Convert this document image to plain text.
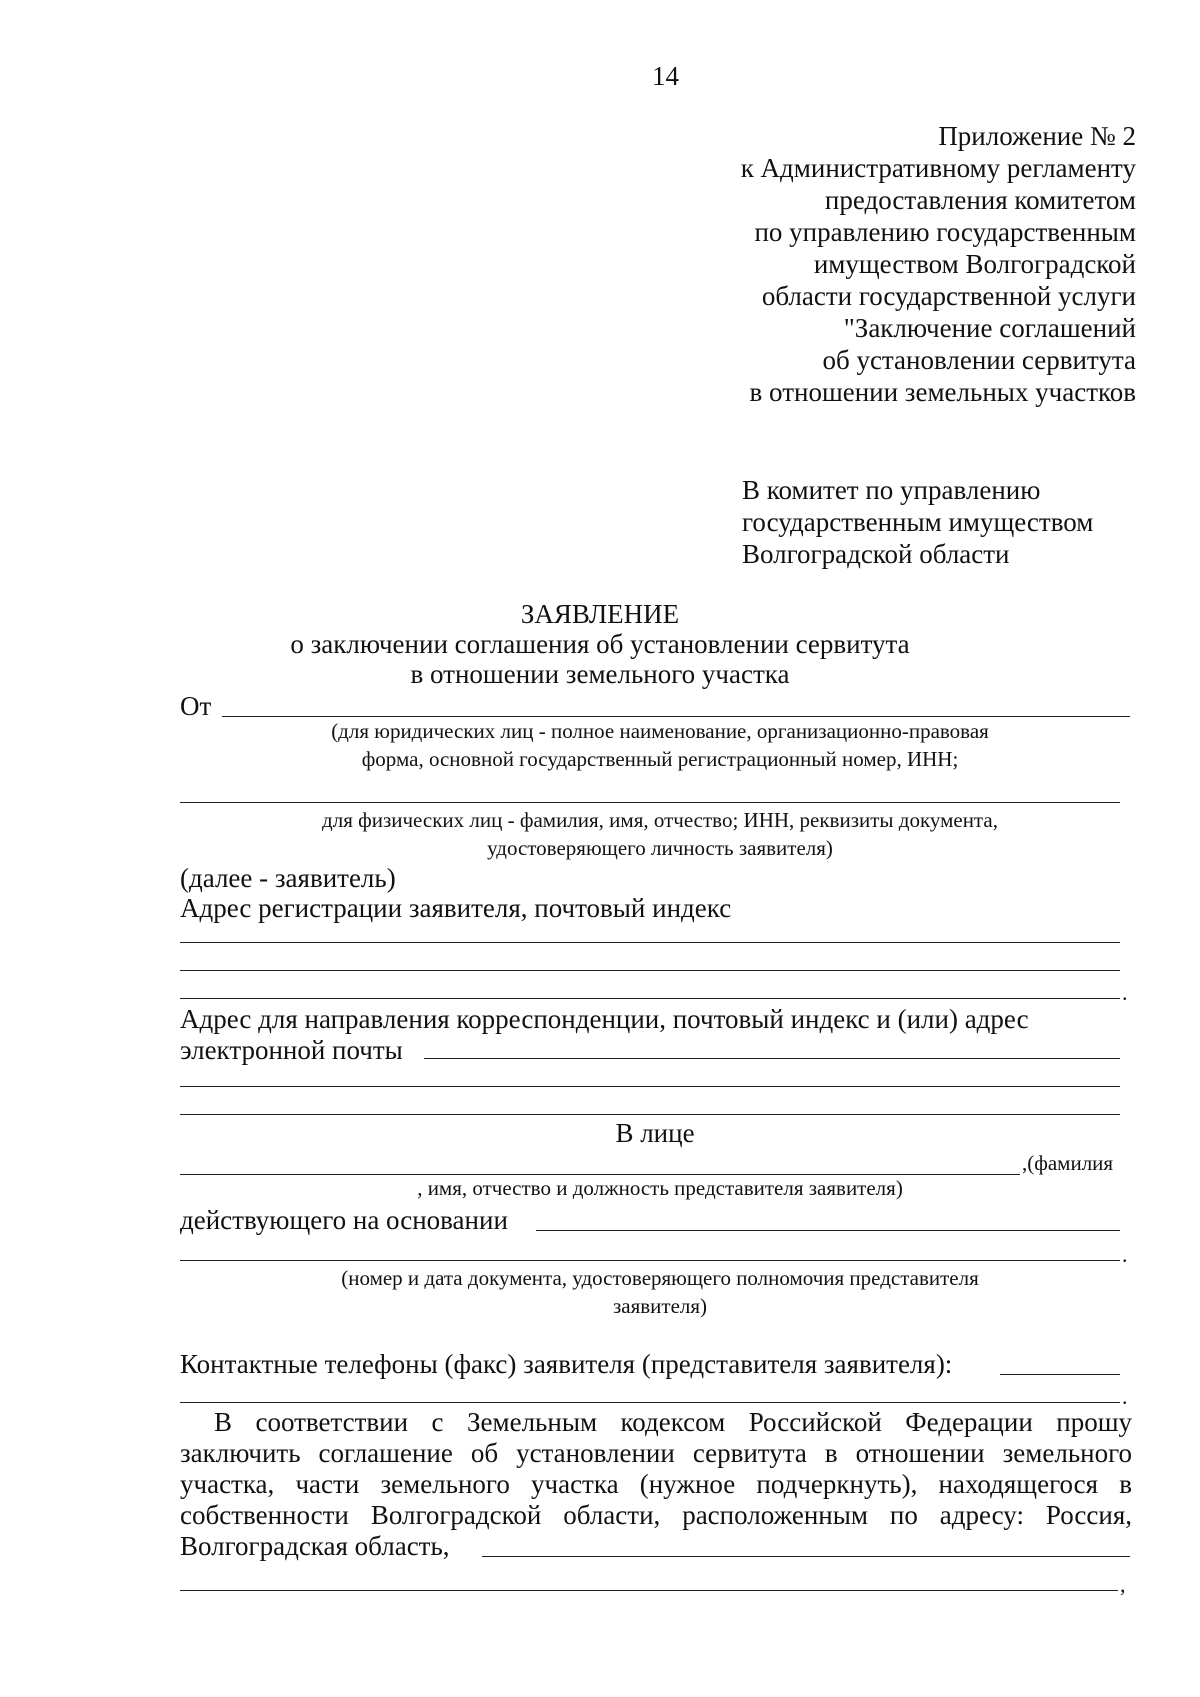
14
Приложение № 2
к Административному регламенту
предоставления комитетом
по управлению государственным
имуществом Волгоградской
области государственной услуги
"Заключение соглашений
об установлении сервитута
в отношении земельных участков
В комитет по управлению
государственным имуществом
Волгоградской области
ЗАЯВЛЕНИЕ
о заключении соглашения об установлении сервитута
в отношении земельного участка
От
(для юридических лиц - полное наименование, организационно-правовая
форма, основной государственный регистрационный номер, ИНН;
для физических лиц - фамилия, имя, отчество; ИНН, реквизиты документа,
удостоверяющего личность заявителя)
(далее - заявитель)
Адрес регистрации заявителя, почтовый индекс
.
Адрес для направления корреспонденции, почтовый индекс и (или) адрес
электронной почты
В лице
,(фамилия
, имя, отчество и должность представителя заявителя)
действующего на основании
.
(номер и дата документа, удостоверяющего полномочия представителя
заявителя)
Контактные телефоны (факс) заявителя (представителя заявителя):
.
В соответствии с Земельным кодексом Российской Федерации прошу
заключить соглашение об установлении сервитута в отношении земельного
участка, части земельного участка (нужное подчеркнуть), находящегося в
собственности Волгоградской области, расположенным по адресу: Россия,
Волгоградская область,
,
